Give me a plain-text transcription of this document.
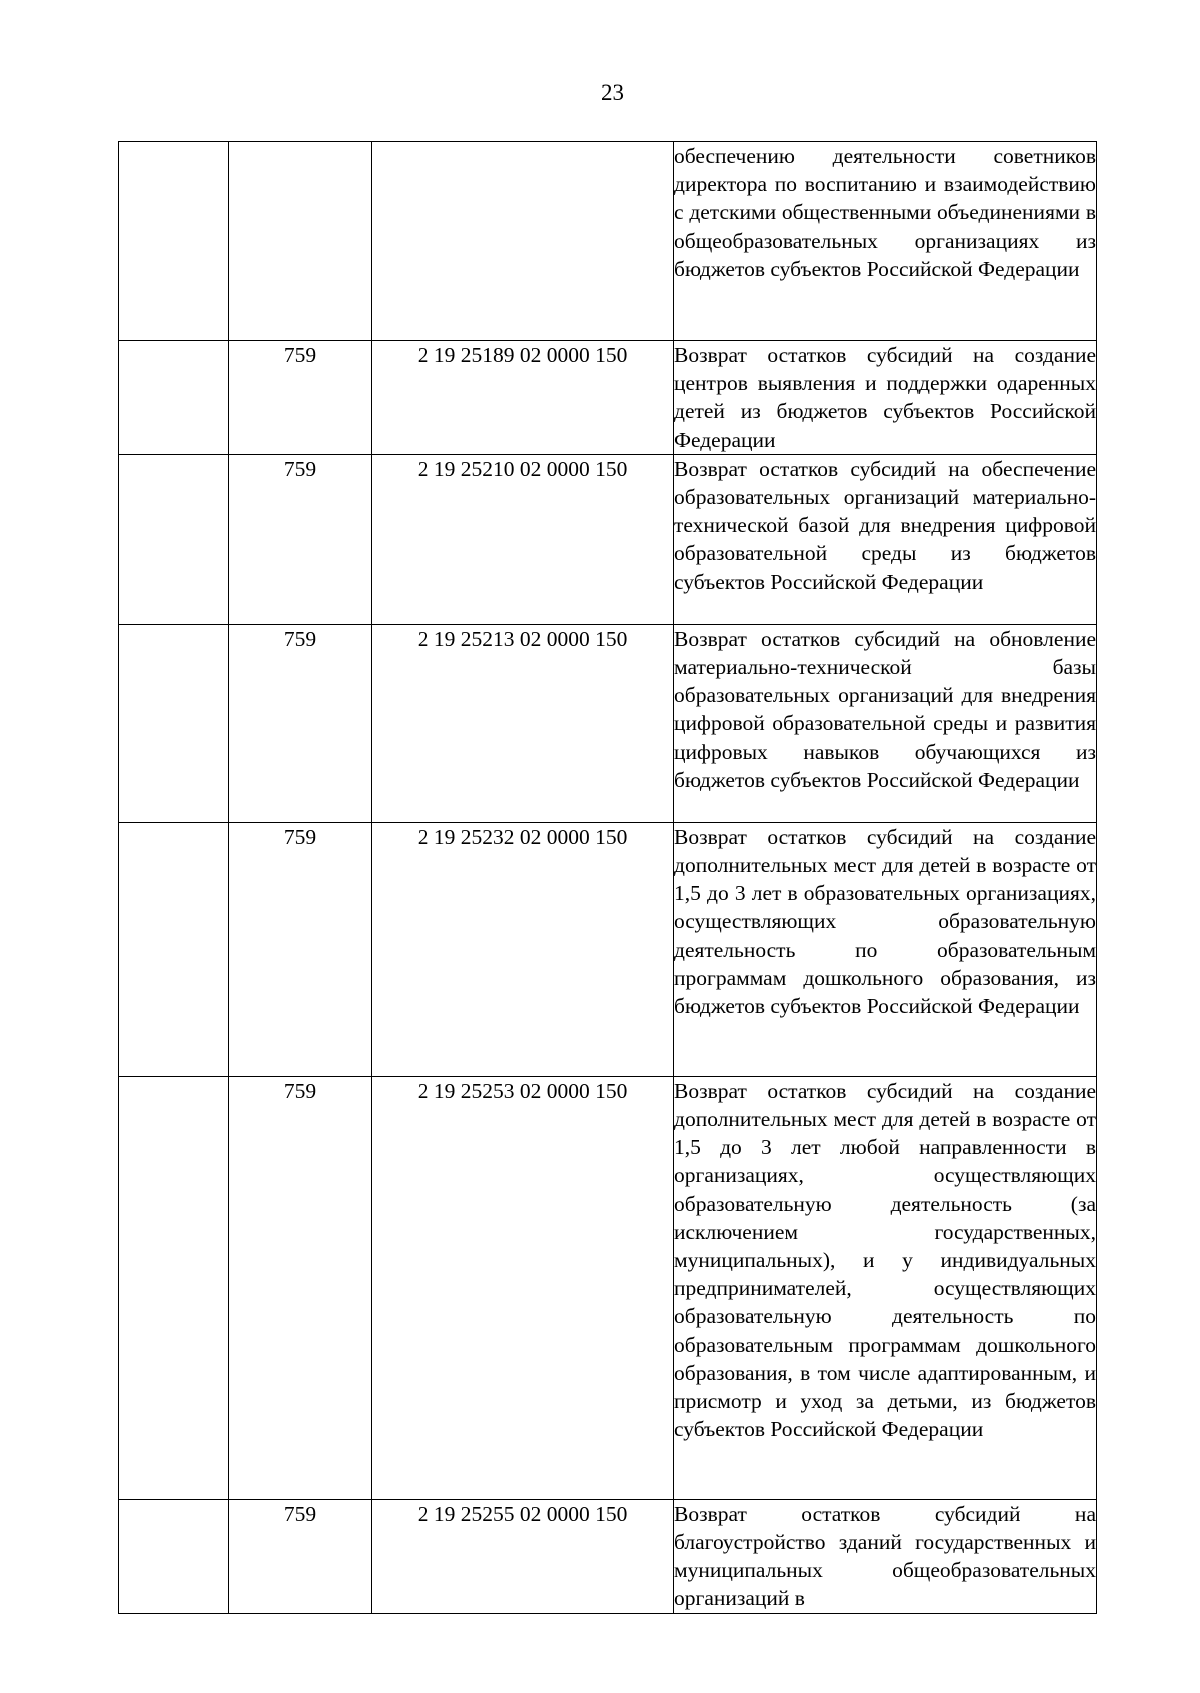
23
			обеспечению деятельности советников директора по воспитанию и взаимодействию с детскими общественными объединениями в общеобразовательных организациях из бюджетов субъектов Российской Федерации
	759	2 19 25189 02 0000 150	Возврат остатков субсидий на создание центров выявления и поддержки одаренных детей из бюджетов субъектов Российской Федерации
	759	2 19 25210 02 0000 150	Возврат остатков субсидий на обеспечение образовательных организаций материально-технической базой для внедрения цифровой образовательной среды из бюджетов субъектов Российской Федерации
	759	2 19 25213 02 0000 150	Возврат остатков субсидий на обновление материально-технической базы образовательных организаций для внедрения цифровой образовательной среды и развития цифровых навыков обучающихся из бюджетов субъектов Российской Федерации
	759	2 19 25232 02 0000 150	Возврат остатков субсидий на создание дополнительных мест для детей в возрасте от 1,5 до 3 лет в образовательных организациях, осуществляющих образовательную деятельность по образовательным программам дошкольного образования, из бюджетов субъектов Российской Федерации
	759	2 19 25253 02 0000 150	Возврат остатков субсидий на создание дополнительных мест для детей в возрасте от 1,5 до 3 лет любой направленности в организациях, осуществляющих образовательную деятельность (за исключением государственных, муниципальных), и у индивидуальных предпринимателей, осуществляющих образовательную деятельность по образовательным программам дошкольного образования, в том числе адаптированным, и присмотр и уход за детьми, из бюджетов субъектов Российской Федерации
	759	2 19 25255 02 0000 150	Возврат остатков субсидий на благоустройство зданий государственных и муниципальных общеобразовательных организаций в
